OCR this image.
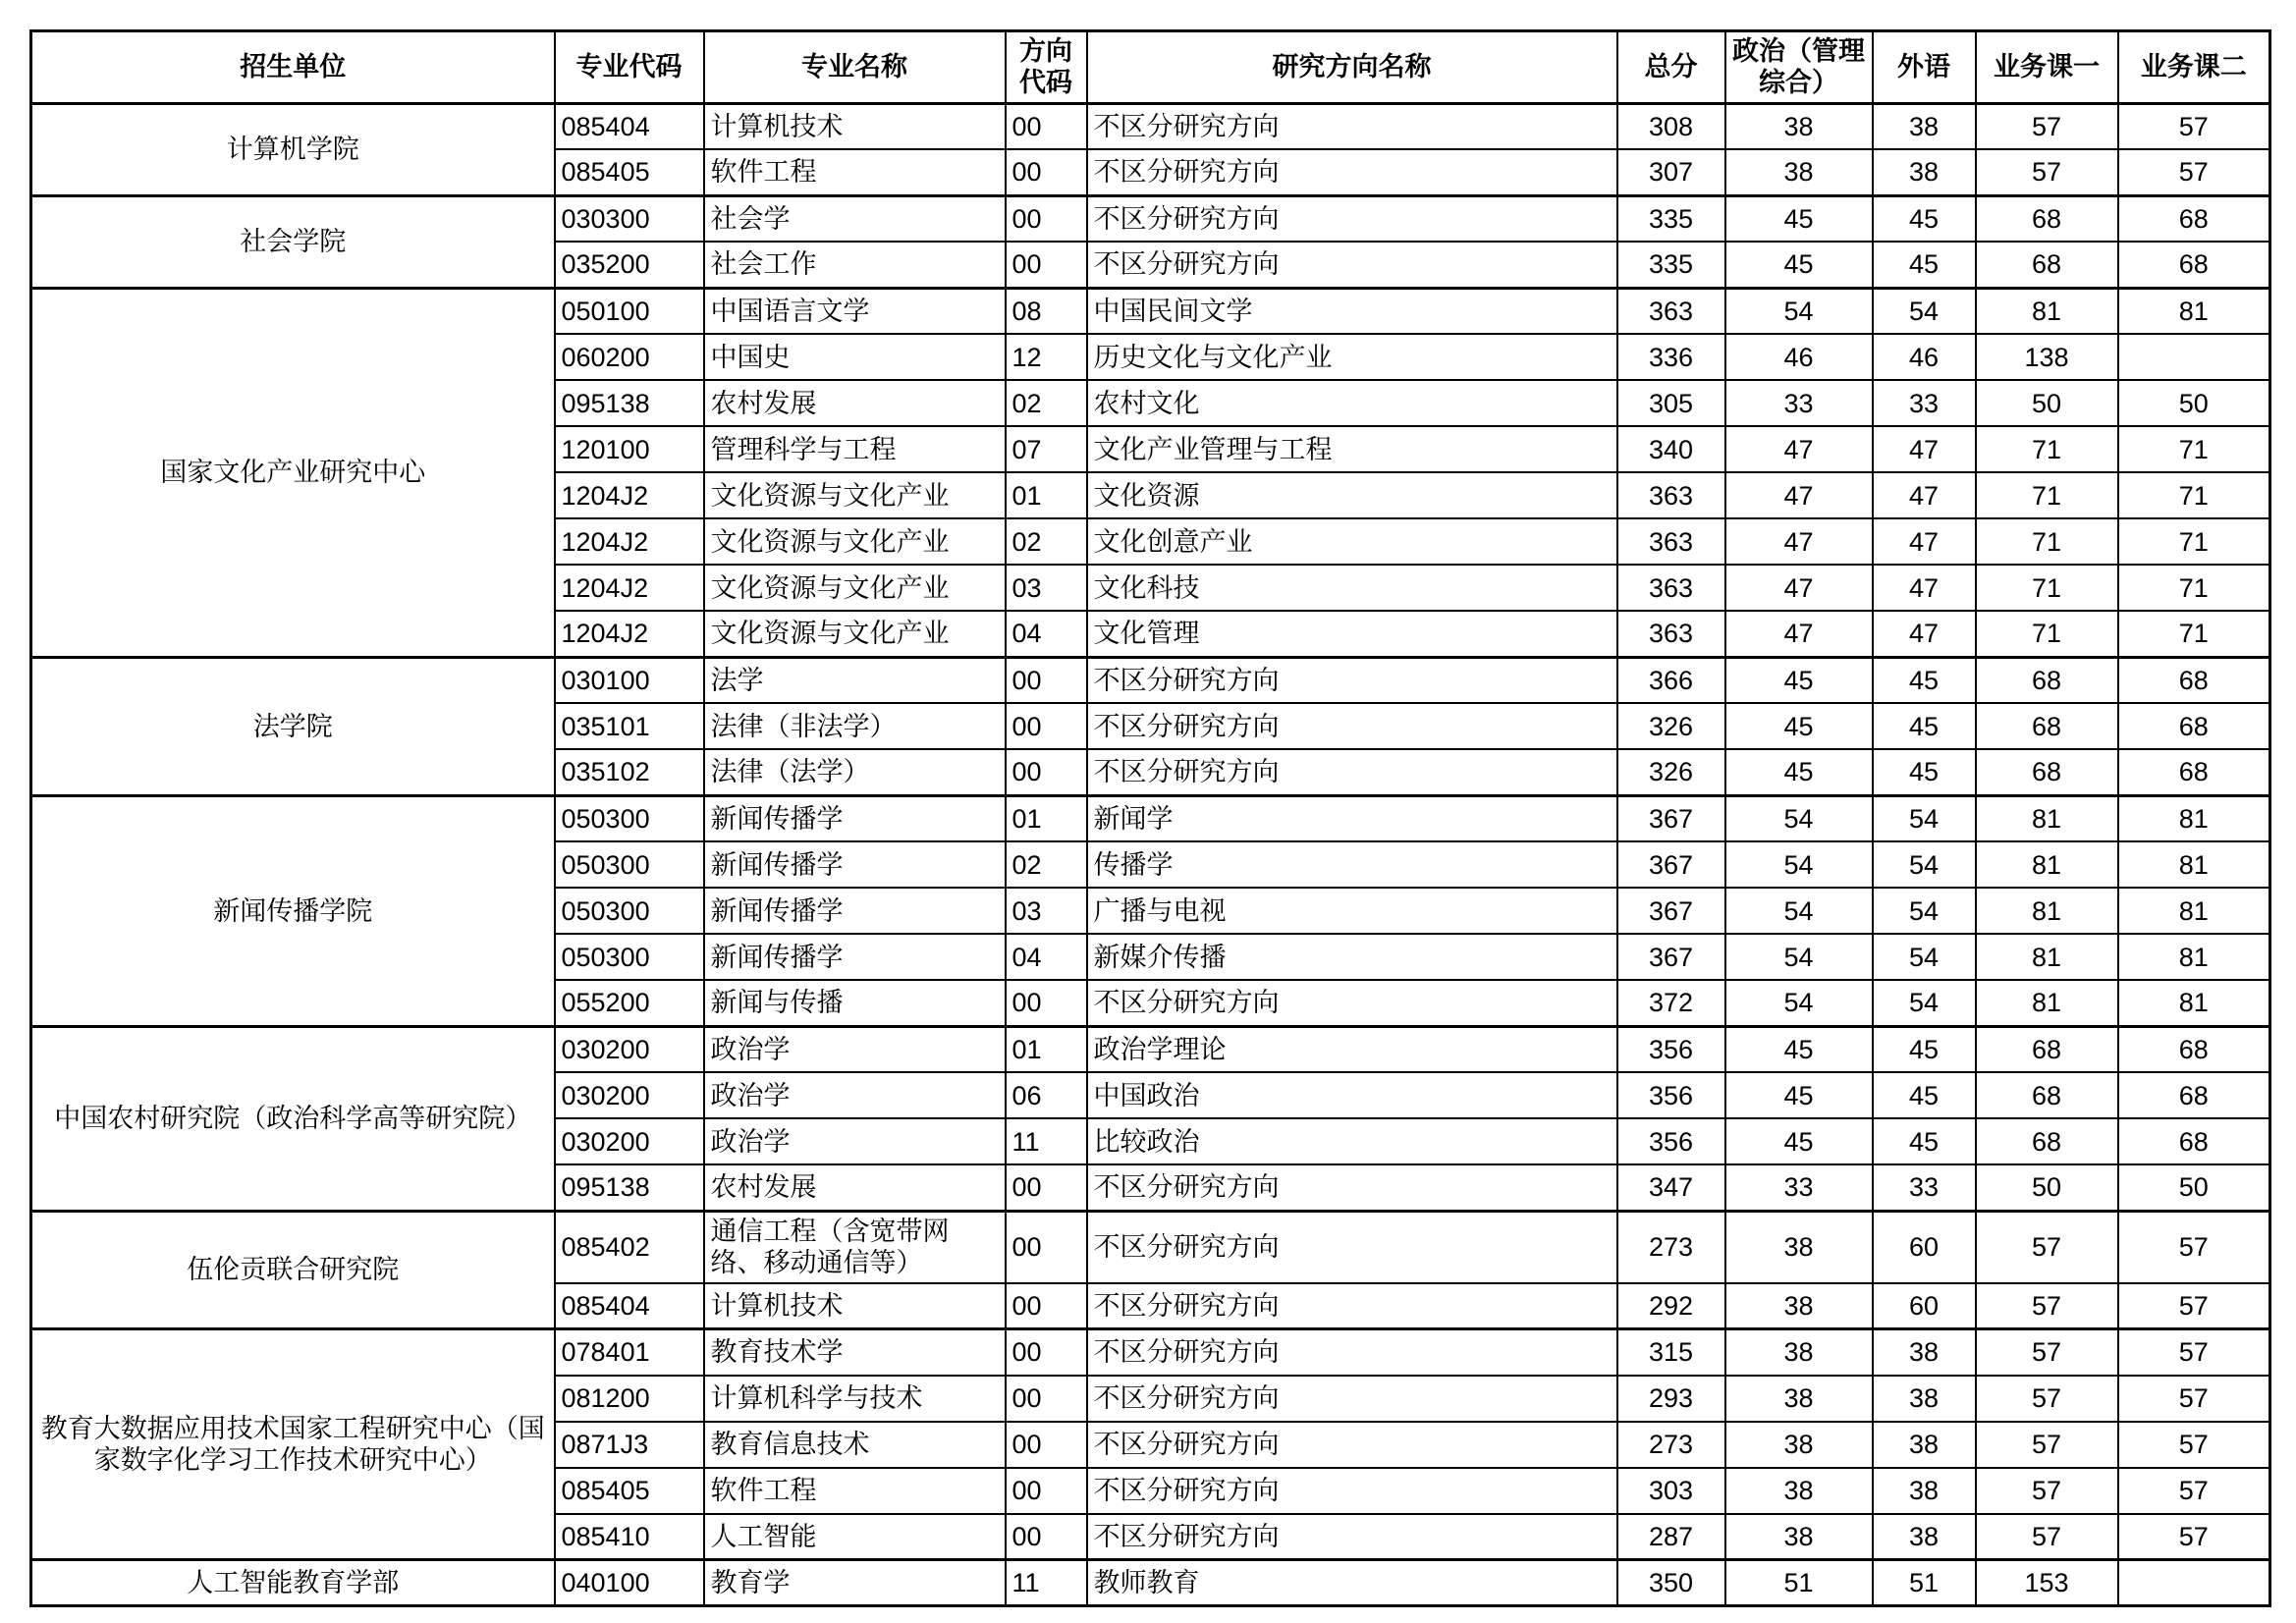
招生单位	专业代码	专业名称	方向代码	研究方向名称	总分	政治（管理综合）	外语	业务课一	业务课二
计算机学院	085404	计算机技术	00	不区分研究方向	308	38	38	57	57
	085405	软件工程	00	不区分研究方向	307	38	38	57	57
社会学院	030300	社会学	00	不区分研究方向	335	45	45	68	68
	035200	社会工作	00	不区分研究方向	335	45	45	68	68
国家文化产业研究中心	050100	中国语言文学	08	中国民间文学	363	54	54	81	81
	060200	中国史	12	历史文化与文化产业	336	46	46	138	
	095138	农村发展	02	农村文化	305	33	33	50	50
	120100	管理科学与工程	07	文化产业管理与工程	340	47	47	71	71
	1204J2	文化资源与文化产业	01	文化资源	363	47	47	71	71
	1204J2	文化资源与文化产业	02	文化创意产业	363	47	47	71	71
	1204J2	文化资源与文化产业	03	文化科技	363	47	47	71	71
	1204J2	文化资源与文化产业	04	文化管理	363	47	47	71	71
法学院	030100	法学	00	不区分研究方向	366	45	45	68	68
	035101	法律（非法学）	00	不区分研究方向	326	45	45	68	68
	035102	法律（法学）	00	不区分研究方向	326	45	45	68	68
新闻传播学院	050300	新闻传播学	01	新闻学	367	54	54	81	81
	050300	新闻传播学	02	传播学	367	54	54	81	81
	050300	新闻传播学	03	广播与电视	367	54	54	81	81
	050300	新闻传播学	04	新媒介传播	367	54	54	81	81
	055200	新闻与传播	00	不区分研究方向	372	54	54	81	81
中国农村研究院（政治科学高等研究院）	030200	政治学	01	政治学理论	356	45	45	68	68
	030200	政治学	06	中国政治	356	45	45	68	68
	030200	政治学	11	比较政治	356	45	45	68	68
	095138	农村发展	00	不区分研究方向	347	33	33	50	50
伍伦贡联合研究院	085402	通信工程（含宽带网络、移动通信等）	00	不区分研究方向	273	38	60	57	57
	085404	计算机技术	00	不区分研究方向	292	38	60	57	57
教育大数据应用技术国家工程研究中心（国家数字化学习工作技术研究中心）	078401	教育技术学	00	不区分研究方向	315	38	38	57	57
	081200	计算机科学与技术	00	不区分研究方向	293	38	38	57	57
	0871J3	教育信息技术	00	不区分研究方向	273	38	38	57	57
	085405	软件工程	00	不区分研究方向	303	38	38	57	57
	085410	人工智能	00	不区分研究方向	287	38	38	57	57
人工智能教育学部	040100	教育学	11	教师教育	350	51	51	153	
